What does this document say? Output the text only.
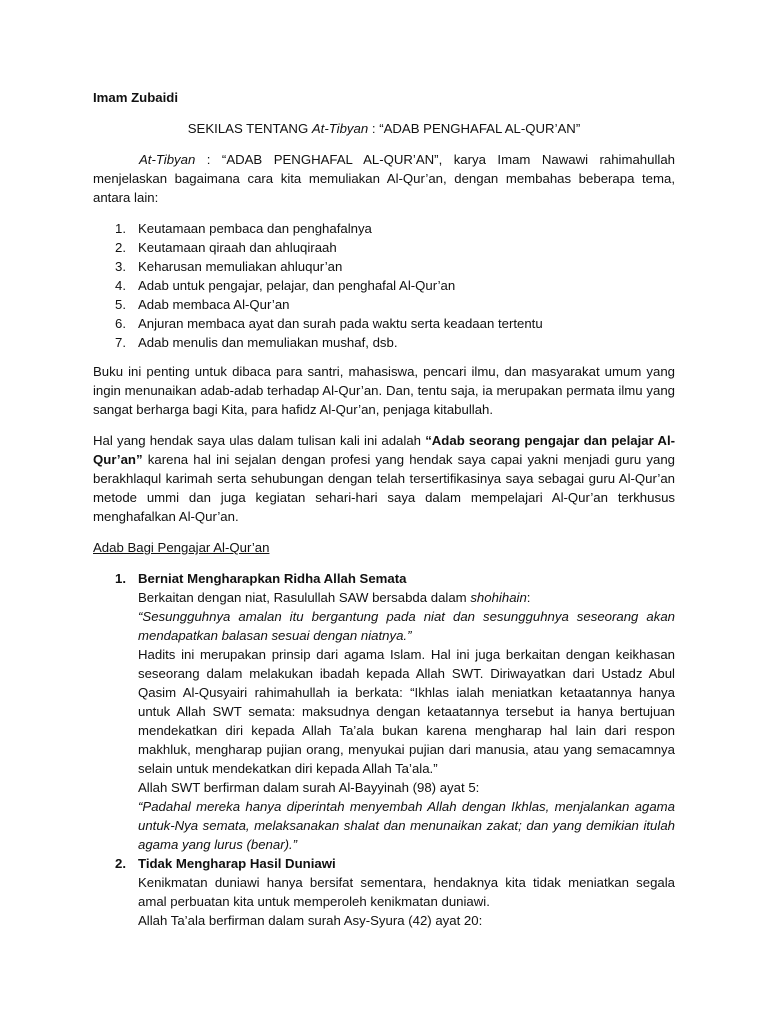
Imam Zubaidi

SEKILAS TENTANG At-Tibyan : “ADAB PENGHAFAL AL-QUR’AN”

At-Tibyan : “ADAB PENGHAFAL AL-QUR’AN”, karya Imam Nawawi rahimahullah menjelaskan bagaimana cara kita memuliakan Al-Qur’an, dengan membahas beberapa tema, antara lain:

1. Keutamaan pembaca dan penghafalnya
2. Keutamaan qiraah dan ahluqiraah
3. Keharusan memuliakan ahluqur’an
4. Adab untuk pengajar, pelajar, dan penghafal Al-Qur’an
5. Adab membaca Al-Qur’an
6. Anjuran membaca ayat dan surah pada waktu serta keadaan tertentu
7. Adab menulis dan memuliakan mushaf, dsb.

Buku ini penting untuk dibaca para santri, mahasiswa, pencari ilmu, dan masyarakat umum yang ingin menunaikan adab-adab terhadap Al-Qur’an. Dan, tentu saja, ia merupakan permata ilmu yang sangat berharga bagi Kita, para hafidz Al-Qur’an, penjaga kitabullah.

Hal yang hendak saya ulas dalam tulisan kali ini adalah “Adab seorang pengajar dan pelajar Al-Qur’an” karena hal ini sejalan dengan profesi yang hendak saya capai yakni menjadi guru yang berakhlaqul karimah serta sehubungan dengan telah tersertifikasinya saya sebagai guru Al-Qur’an metode ummi dan juga kegiatan sehari-hari saya dalam mempelajari Al-Qur’an terkhusus menghafalkan Al-Qur’an.

Adab Bagi Pengajar Al-Qur’an

1. Berniat Mengharapkan Ridha Allah Semata

Berkaitan dengan niat, Rasulullah SAW bersabda dalam shohihain:

“Sesungguhnya amalan itu bergantung pada niat dan sesungguhnya seseorang akan mendapatkan balasan sesuai dengan niatnya.”

Hadits ini merupakan prinsip dari agama Islam. Hal ini juga berkaitan dengan keikhasan seseorang dalam melakukan ibadah kepada Allah SWT. Diriwayatkan dari Ustadz Abul Qasim Al-Qusyairi rahimahullah ia berkata: “Ikhlas ialah meniatkan ketaatannya hanya untuk Allah SWT semata: maksudnya dengan ketaatannya tersebut ia hanya bertujuan mendekatkan diri kepada Allah Ta’ala bukan karena mengharap hal lain dari respon makhluk, mengharap pujian orang, menyukai pujian dari manusia, atau yang semacamnya selain untuk mendekatkan diri kepada Allah Ta’ala.”

Allah SWT berfirman dalam surah Al-Bayyinah (98) ayat 5:

“Padahal mereka hanya diperintah menyembah Allah dengan Ikhlas, menjalankan agama untuk-Nya semata, melaksanakan shalat dan menunaikan zakat; dan yang demikian itulah agama yang lurus (benar).”

2. Tidak Mengharap Hasil Duniawi

Kenikmatan duniawi hanya bersifat sementara, hendaknya kita tidak meniatkan segala amal perbuatan kita untuk memperoleh kenikmatan duniawi.

Allah Ta’ala berfirman dalam surah Asy-Syura (42) ayat 20:
